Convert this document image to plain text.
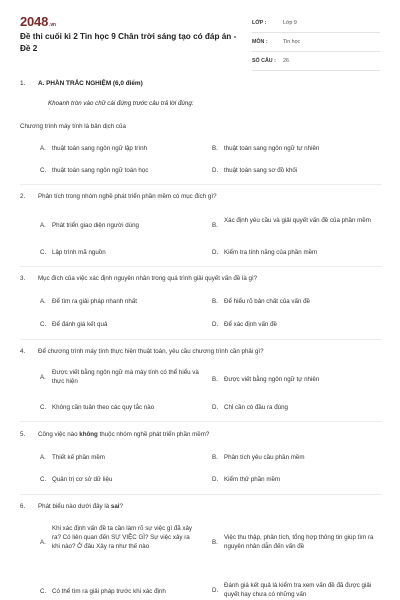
2048.vn
Đề thi cuối kì 2 Tin học 9 Chân trời sáng tạo có đáp án - Đề 2
LỚP :	Lớp 9
MÔN :	Tin học
SỐ CÂU :	26
1. A. PHẦN TRẮC NGHIỆM (6,0 điểm)
Khoanh tròn vào chữ cái đứng trước câu trả lời đúng:
Chương trình máy tính là bản dịch của
A. thuật toán sang ngôn ngữ lập trình	B. thuật toán sang ngôn ngữ tự nhiên
C. thuật toán sang ngôn ngữ toán học	D. thuật toán sang sơ đồ khối
2. Phân tích trong nhóm nghề phát triển phần mềm có mục đích gì?
A. Phát triển giao diện người dùng	B.
Xác định yêu cầu và giải quyết vấn đề của phần mềm
C. Lập trình mã nguồn	D. Kiểm tra tính năng của phần mềm
3. Mục đích của việc xác định nguyên nhân trong quá trình giải quyết vấn đề là gì?
A. Để tìm ra giải pháp nhanh nhất	B. Để hiểu rõ bản chất của vấn đề
C. Để đánh giá kết quả	D. Để xác định vấn đề
4. Để chương trình máy tính thực hiện thuật toán, yêu cầu chương trình cần phải gì?
A.
Được viết bằng ngôn ngữ mà máy tính có thể hiểu và thực hiện	B. Được viết bằng ngôn ngữ tự nhiên
C. Không cần tuân theo các quy tắc nào	D. Chỉ cần có đầu ra đúng
5. Công việc nào không thuộc nhóm nghề phát triển phần mềm?
A. Thiết kế phần mềm	B. Phân tích yêu cầu phần mềm
C. Quản trị cơ sở dữ liệu	D. Kiểm thử phần mềm
6. Phát biểu nào dưới đây là sai?
A.
Khi xác định vấn đề ta cần làm rõ sự việc gì đã xảy ra? Có liên quan đến SỰ VIỆC GÌ? Sự việc xảy ra khi nào? Ở đâu Xảy ra như thế nào
B.
Việc thu thập, phân tích, tổng hợp thông tin giúp tìm ra nguyên nhân dẫn đến vấn đề
C. Có thể tìm ra giải pháp trước khi xác định	D.
Đánh giá kết quả là kiểm tra xem vấn đề đã được giải quyết hay chưa có những vấn
